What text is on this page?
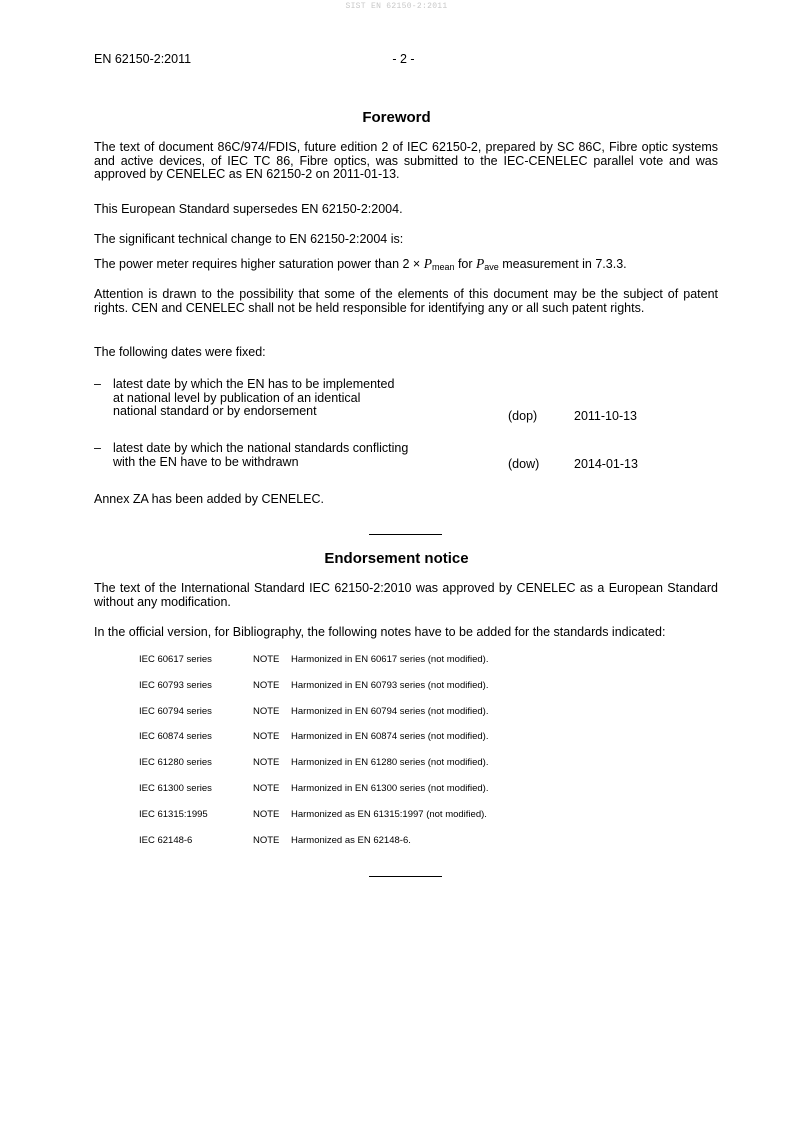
SIST EN 62150-2:2011
EN 62150-2:2011	- 2 -
Foreword
The text of document 86C/974/FDIS, future edition 2 of IEC 62150-2, prepared by SC 86C, Fibre optic systems and active devices, of IEC TC 86, Fibre optics, was submitted to the IEC-CENELEC parallel vote and was approved by CENELEC as EN 62150-2 on 2011-01-13.
This European Standard supersedes EN 62150-2:2004.
The significant technical change to EN 62150-2:2004 is:
The power meter requires higher saturation power than $2 \times P_{mean}$ for $P_{ave}$ measurement in 7.3.3.
Attention is drawn to the possibility that some of the elements of this document may be the subject of patent rights. CEN and CENELEC shall not be held responsible for identifying any or all such patent rights.
The following dates were fixed:
– latest date by which the EN has to be implemented
at national level by publication of an identical
national standard or by endorsement	(dop)	2011-10-13
– latest date by which the national standards conflicting
with the EN have to be withdrawn	(dow)	2014-01-13
Annex ZA has been added by CENELEC.
Endorsement notice
The text of the International Standard IEC 62150-2:2010 was approved by CENELEC as a European Standard without any modification.
In the official version, for Bibliography, the following notes have to be added for the standards indicated:
IEC 60617 series	NOTE Harmonized in EN 60617 series (not modified).
IEC 60793 series	NOTE Harmonized in EN 60793 series (not modified).
IEC 60794 series	NOTE Harmonized in EN 60794 series (not modified).
IEC 60874 series	NOTE Harmonized in EN 60874 series (not modified).
IEC 61280 series	NOTE Harmonized in EN 61280 series (not modified).
IEC 61300 series	NOTE Harmonized in EN 61300 series (not modified).
IEC 61315:1995	NOTE Harmonized as EN 61315:1997 (not modified).
IEC 62148-6	NOTE Harmonized as EN 62148-6.
